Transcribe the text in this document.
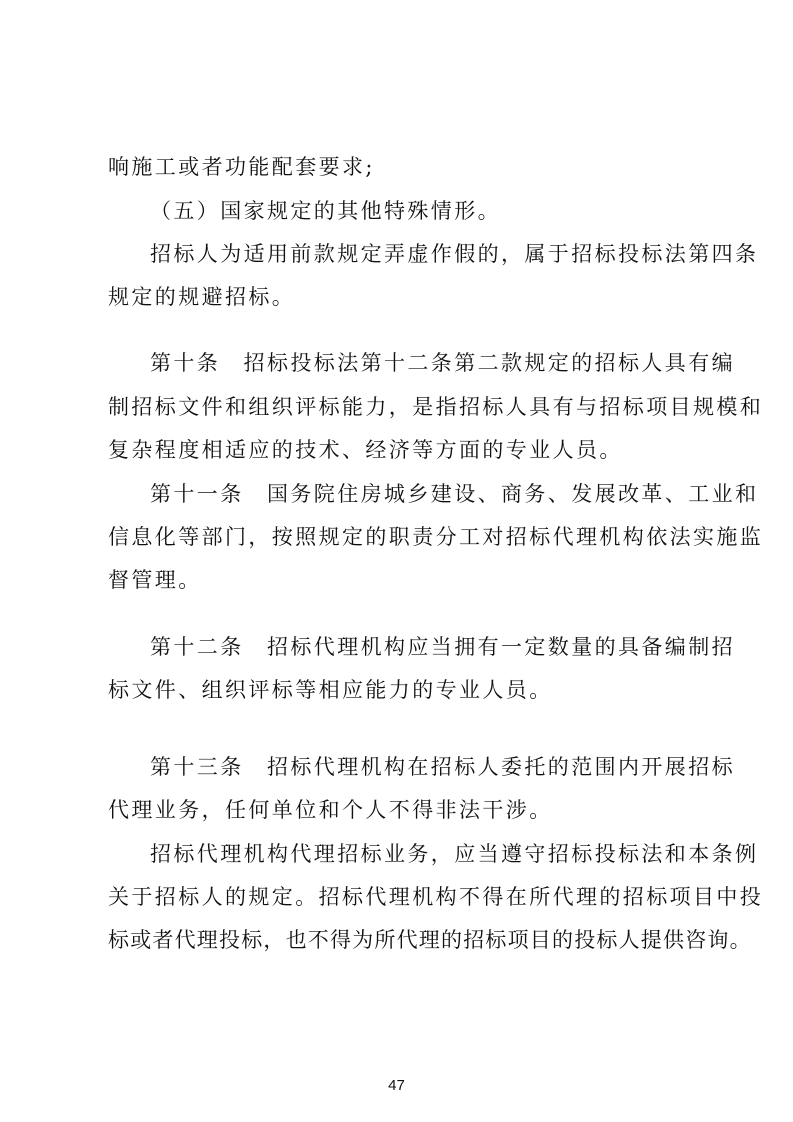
响施工或者功能配套要求;
（五）国家规定的其他特殊情形。
招标人为适用前款规定弄虚作假的，属于招标投标法第四条
规定的规避招标。
第十条　招标投标法第十二条第二款规定的招标人具有编
制招标文件和组织评标能力，是指招标人具有与招标项目规模和
复杂程度相适应的技术、经济等方面的专业人员。
第十一条　国务院住房城乡建设、商务、发展改革、工业和
信息化等部门，按照规定的职责分工对招标代理机构依法实施监
督管理。
第十二条　招标代理机构应当拥有一定数量的具备编制招
标文件、组织评标等相应能力的专业人员。
第十三条　招标代理机构在招标人委托的范围内开展招标
代理业务，任何单位和个人不得非法干涉。
招标代理机构代理招标业务，应当遵守招标投标法和本条例
关于招标人的规定。招标代理机构不得在所代理的招标项目中投
标或者代理投标，也不得为所代理的招标项目的投标人提供咨询。
47
